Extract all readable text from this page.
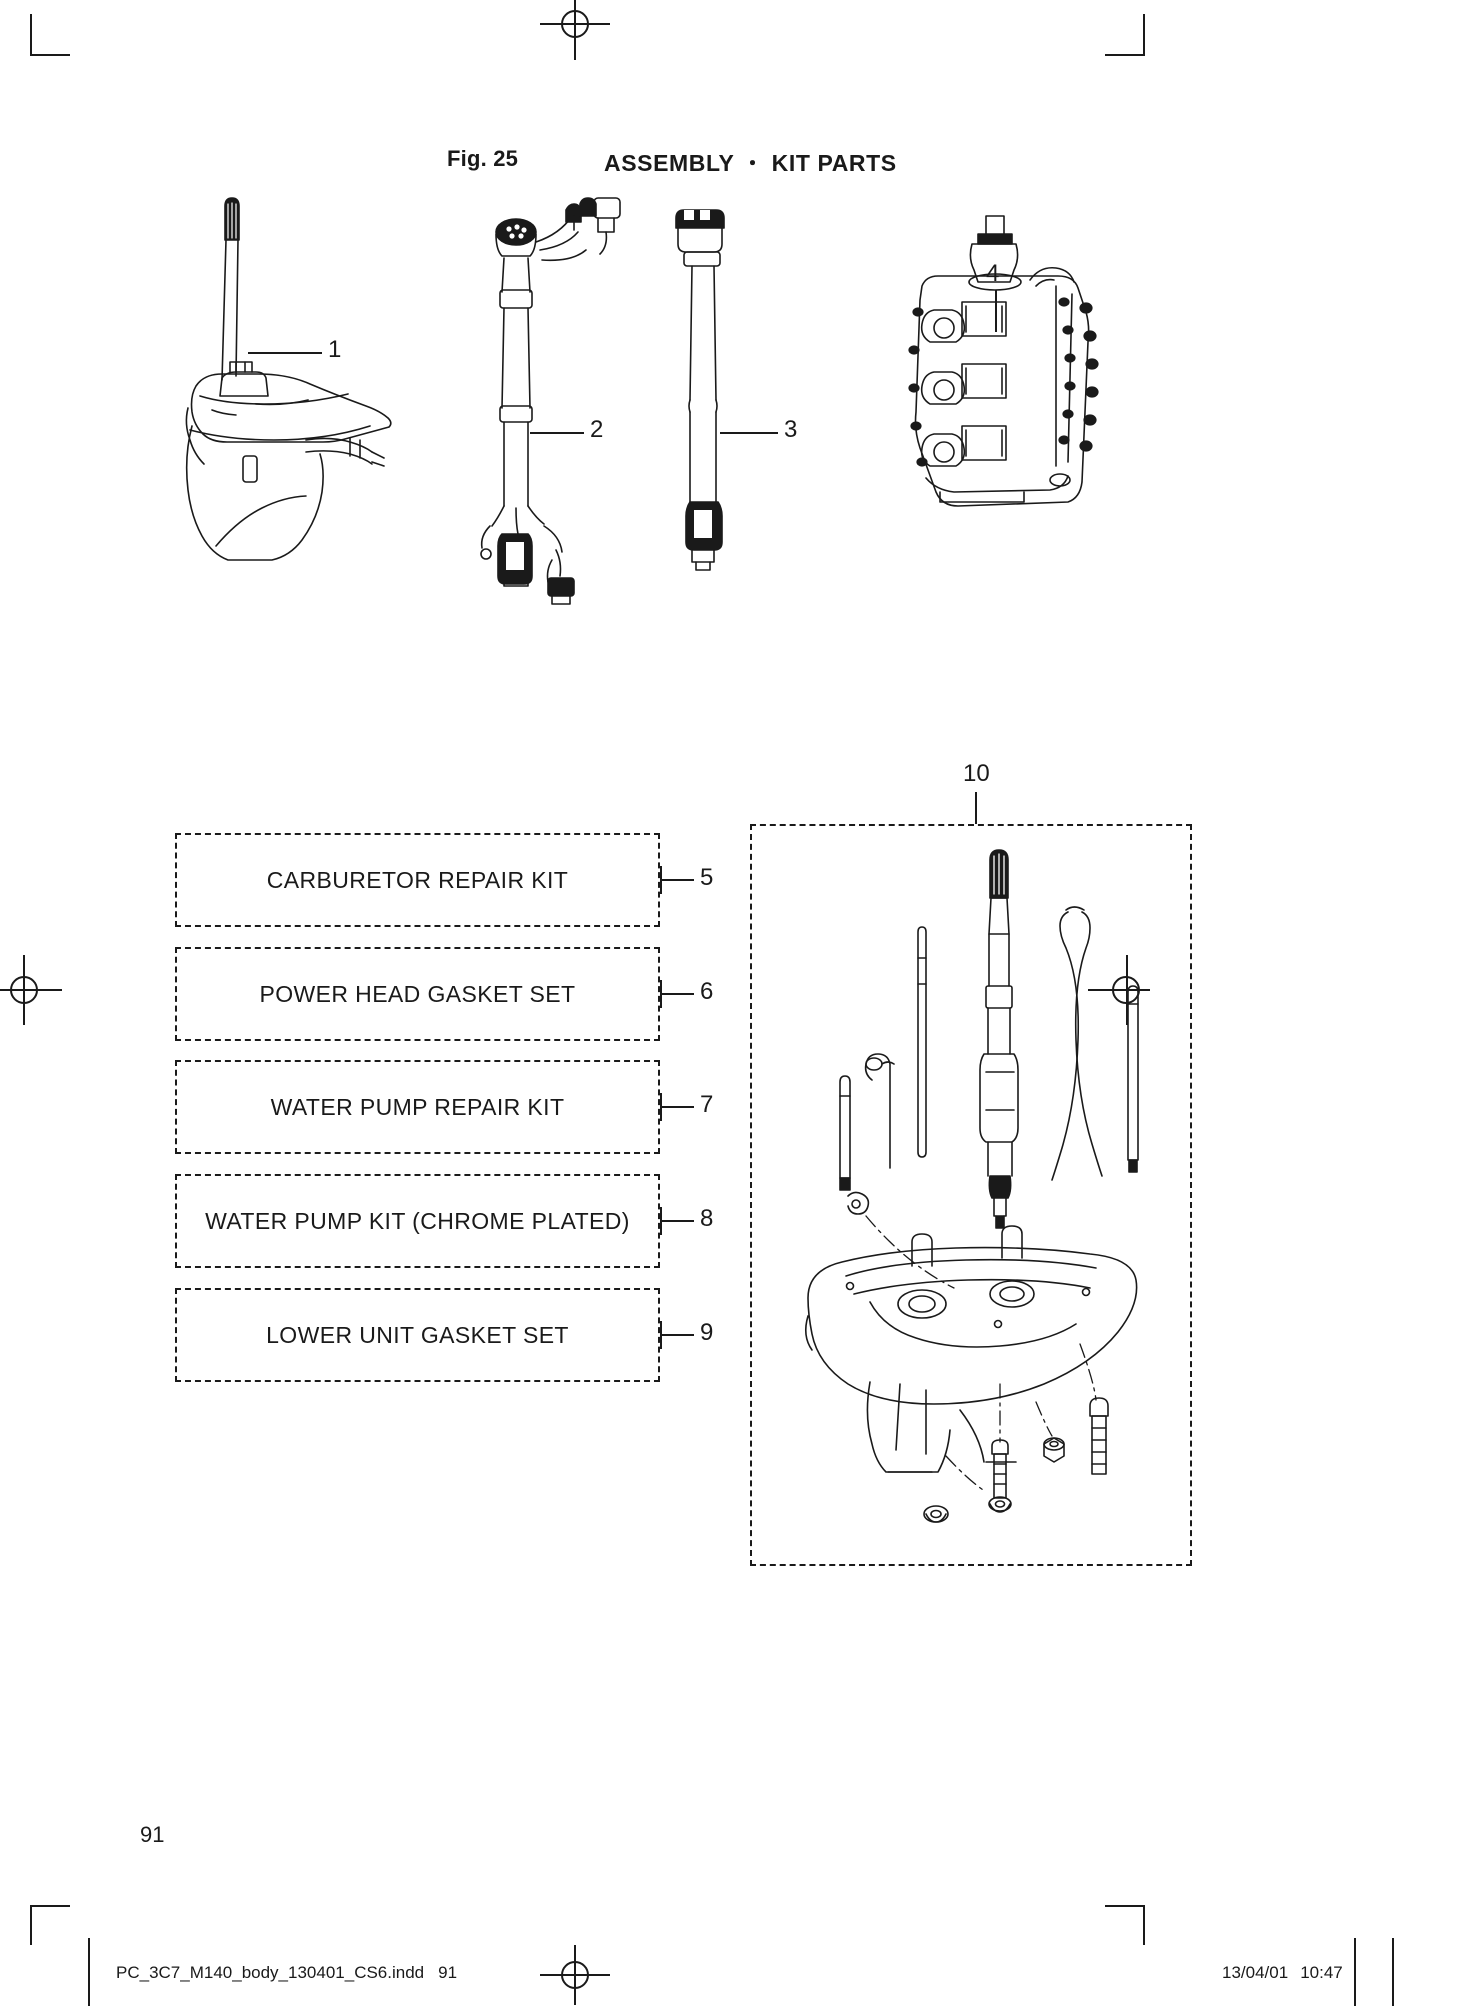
Fig. 25	ASSEMBLY ・ KIT PARTS
1
2	3
4
CARBURETOR REPAIR KIT	5
POWER HEAD GASKET SET	6
WATER PUMP REPAIR KIT	7
WATER PUMP KIT (CHROME PLATED)	8
LOWER UNIT GASKET SET	9
10
91
PC_3C7_M140_body_130401_CS6.indd 91	13/04/01 10:47
